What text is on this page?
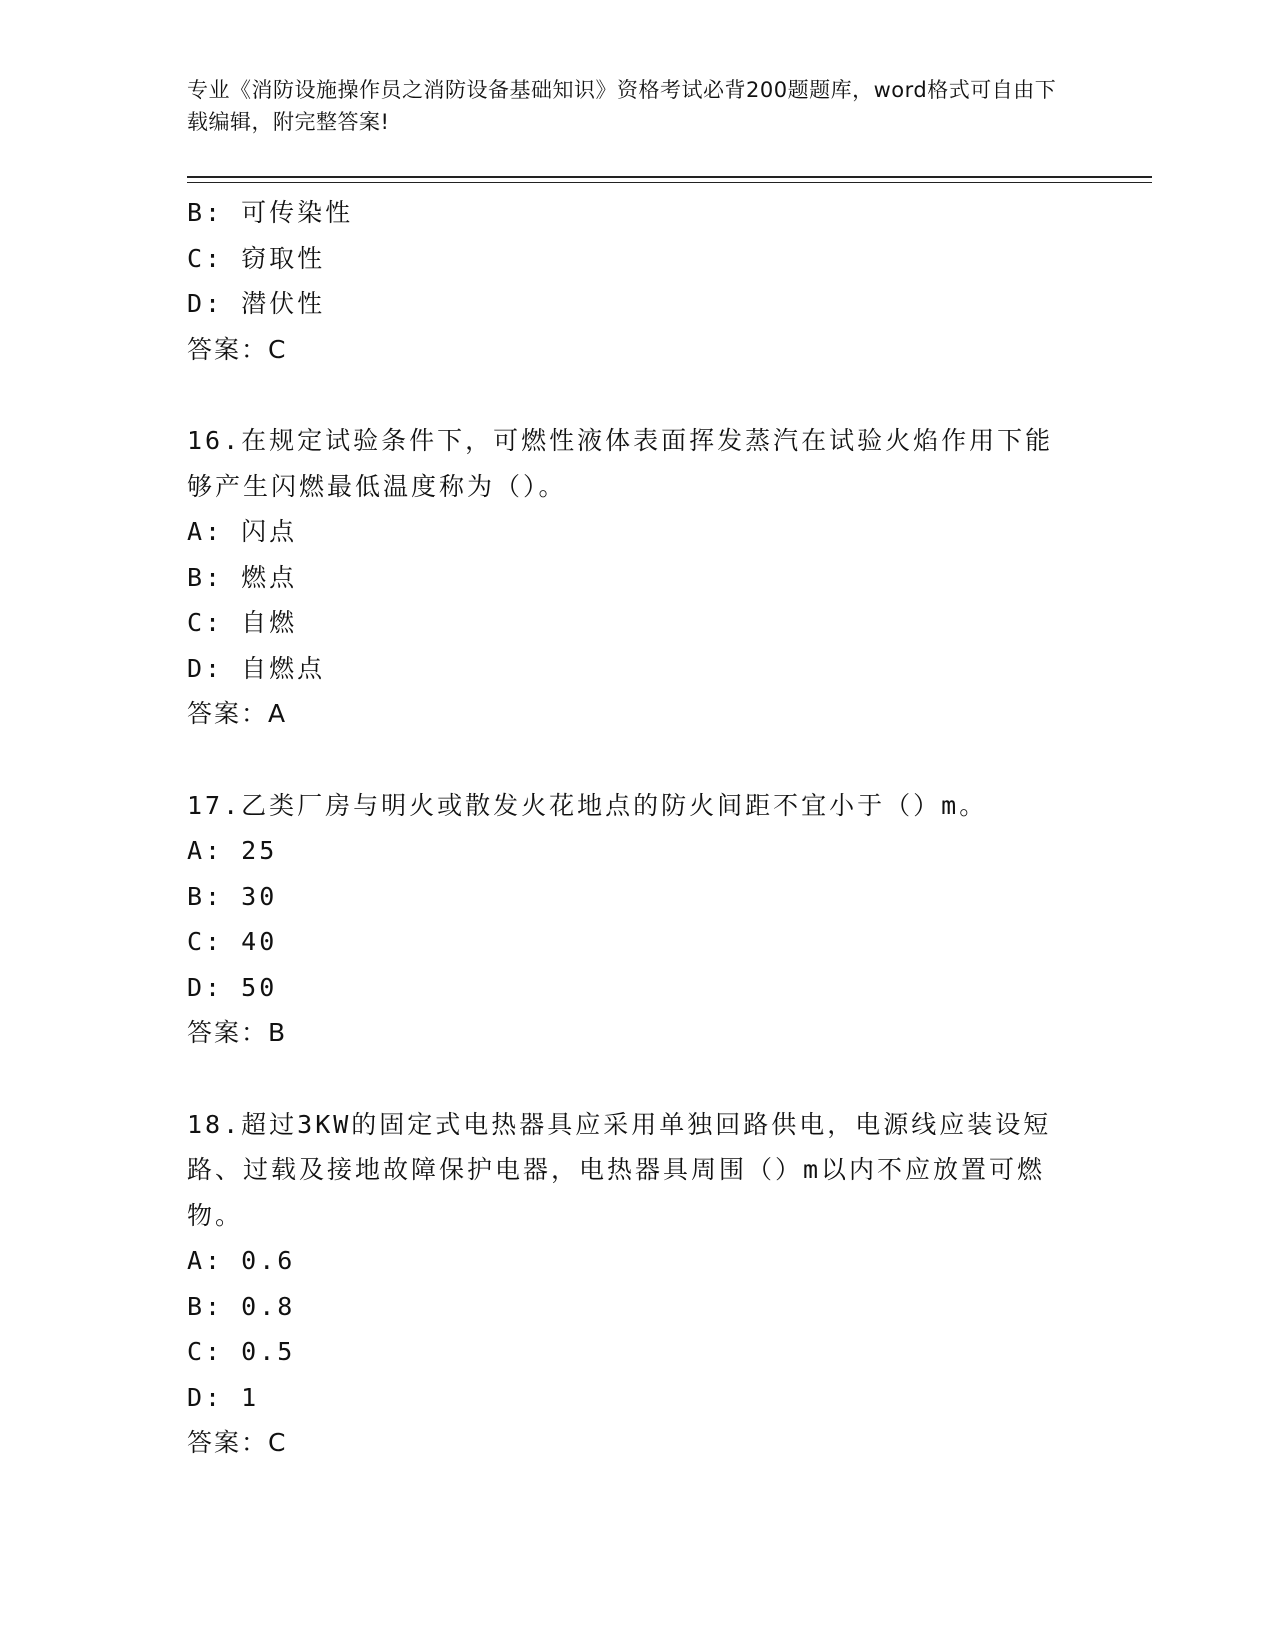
专业《消防设施操作员之消防设备基础知识》资格考试必背200题题库，word格式可自由下载编辑，附完整答案!
B: 可传染性
C: 窃取性
D: 潜伏性
答案：C
16.在规定试验条件下，可燃性液体表面挥发蒸汽在试验火焰作用下能
够产生闪燃最低温度称为（）。
A: 闪点
B: 燃点
C: 自燃
D: 自燃点
答案：A
17.乙类厂房与明火或散发火花地点的防火间距不宜小于（）m。
A: 25
B: 30
C: 40
D: 50
答案：B
18.超过3KW的固定式电热器具应采用单独回路供电，电源线应装设短
路、过载及接地故障保护电器，电热器具周围（）m以内不应放置可燃
物。
A: 0.6
B: 0.8
C: 0.5
D: 1
答案：C
